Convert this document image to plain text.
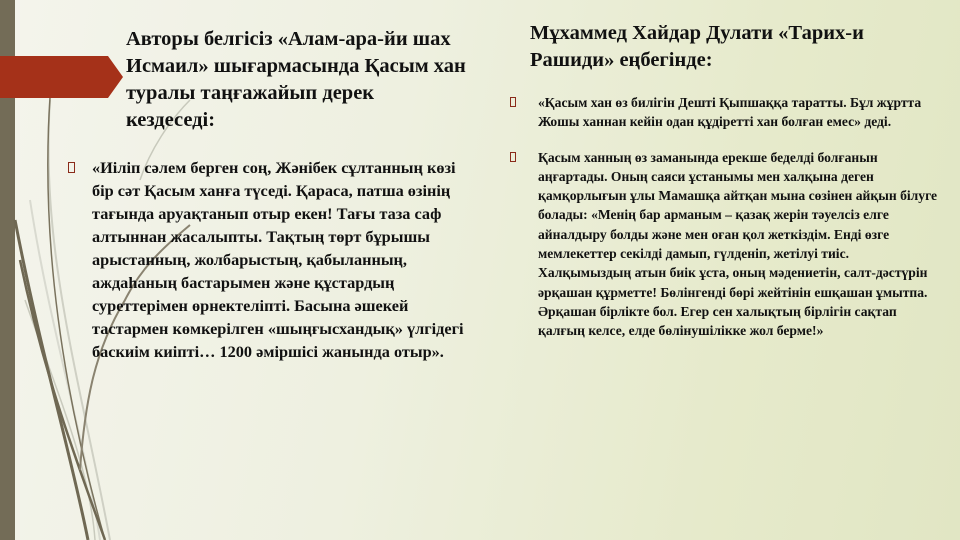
Авторы белгісіз «Алам-ара-йи шах Исмаил» шығармасында Қасым хан туралы таңғажайып дерек кездеседі:
«Иіліп сәлем берген соң, Жәнібек сұлтанның көзі бір сәт Қасым ханға түседі. Қараса, патша өзінің тағында аруақтанып отыр екен! Тағы таза саф алтыннан жасалыпты. Тақтың төрт бұрышы арыстанның, жолбарыстың, қабыланның, аждаһаның бастарымен және құстардың суреттерімен өрнектеліпті. Басына әшекей тастармен көмкерілген «шыңғысхандық» үлгідегі баскиім киіпті… 1200 әміршісі жанында отыр».
Мұхаммед Хайдар Дулати «Тарих-и Рашиди» еңбегінде:
«Қасым хан өз билігін Дешті Қыпшаққа таратты. Бұл жұртта Жошы ханнан кейін одан құдіретті хан болған емес» деді.
Қасым ханның өз заманында ерекше беделді болғанын аңғартады. Оның саяси ұстанымы мен халқына деген қамқорлығын ұлы Мамашқа айтқан мына сөзінен айқын білуге болады: «Менің бар арманым – қазақ жерін тәуелсіз елге айналдыру болды және мен оған қол жеткіздім. Енді өзге мемлекеттер секілді дамып, гүлденіп, жетілуі тиіс. Халқымыздың атын биік ұста, оның мәдениетін, салт-дәстүрін әрқашан құрметте! Бөлінгенді бөрі жейтінін ешқашан ұмытпа. Әрқашан бірлікте бол. Егер сен халықтың бірлігін сақтап қалғың келсе, елде бөлінушілікке жол берме!»
